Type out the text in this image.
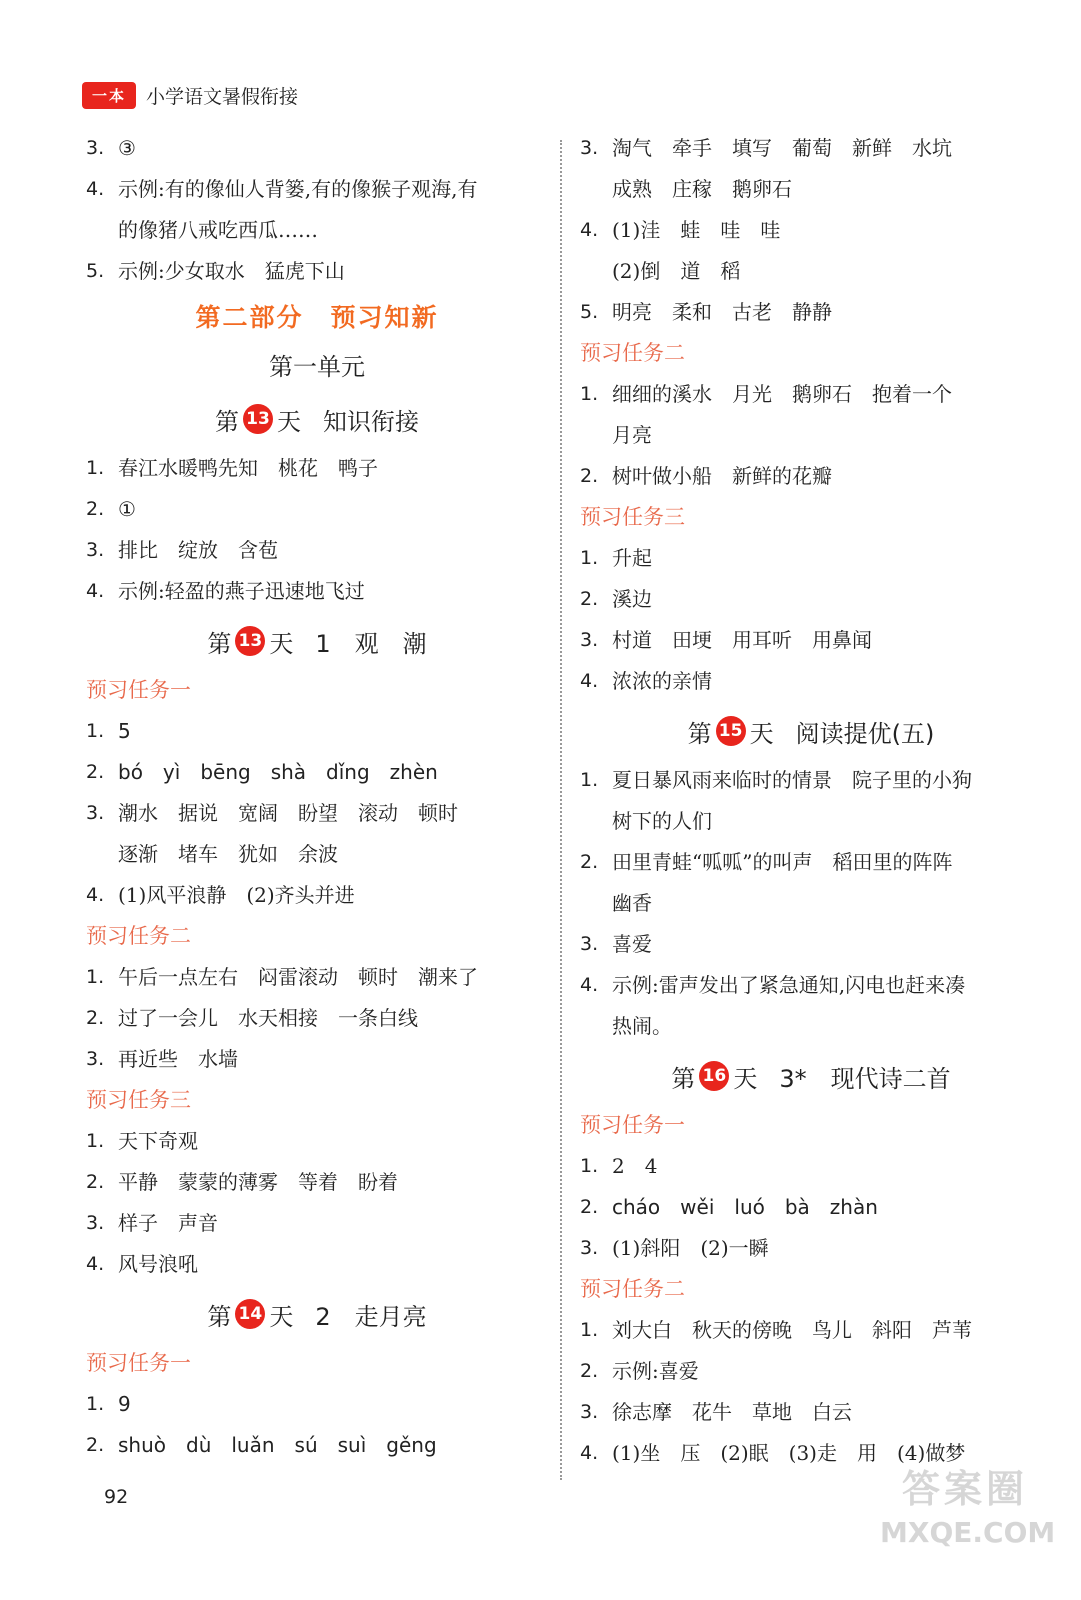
一本	小学语文暑假衔接
3. ③
4. 示例:有的像仙人背篓,有的像猴子观海,有
的像猪八戒吃西瓜……
5. 示例:少女取水　猛虎下山
第二部分　预习知新
第一单元
第 13 天 知识衔接
1. 春江水暖鸭先知　桃花　鸭子
2. ①
3. 排比　绽放　含苞
4. 示例:轻盈的燕子迅速地飞过
第 13 天 1　观　潮
预习任务一
1. 5
2. bó　yì　bēng　shà　dǐng　zhèn
3. 潮水　据说　宽阔　盼望　滚动　顿时
逐渐　堵车　犹如　余波
4. (1)风平浪静　(2)齐头并进
预习任务二
1. 午后一点左右　闷雷滚动　顿时　潮来了
2. 过了一会儿　水天相接　一条白线
3. 再近些　水墙
预习任务三
1. 天下奇观
2. 平静　蒙蒙的薄雾　等着　盼着
3. 样子　声音
4. 风号浪吼
第 14 天 2　走月亮
预习任务一
1. 9
2. shuò　dù　luǎn　sú　suì　gěng
3. 淘气　牵手　填写　葡萄　新鲜　水坑
成熟　庄稼　鹅卵石
4. (1)洼　蛙　哇　哇
(2)倒　道　稻
5. 明亮　柔和　古老　静静
预习任务二
1. 细细的溪水　月光　鹅卵石　抱着一个
月亮
2. 树叶做小船　新鲜的花瓣
预习任务三
1. 升起
2. 溪边
3. 村道　田埂　用耳听　用鼻闻
4. 浓浓的亲情
第 15 天 阅读提优(五)
1. 夏日暴风雨来临时的情景　院子里的小狗
树下的人们
2. 田里青蛙“呱呱”的叫声　稻田里的阵阵
幽香
3. 喜爱
4. 示例:雷声发出了紧急通知,闪电也赶来凑
热闹。
第 16 天 3*　现代诗二首
预习任务一
1. 2　4
2. cháo　wěi　luó　bà　zhàn
3. (1)斜阳　(2)一瞬
预习任务二
1. 刘大白　秋天的傍晚　鸟儿　斜阳　芦苇
2. 示例:喜爱
3. 徐志摩　花牛　草地　白云
4. (1)坐　压　(2)眠　(3)走　用　(4)做梦
92	答案圈
MXQE.COM
